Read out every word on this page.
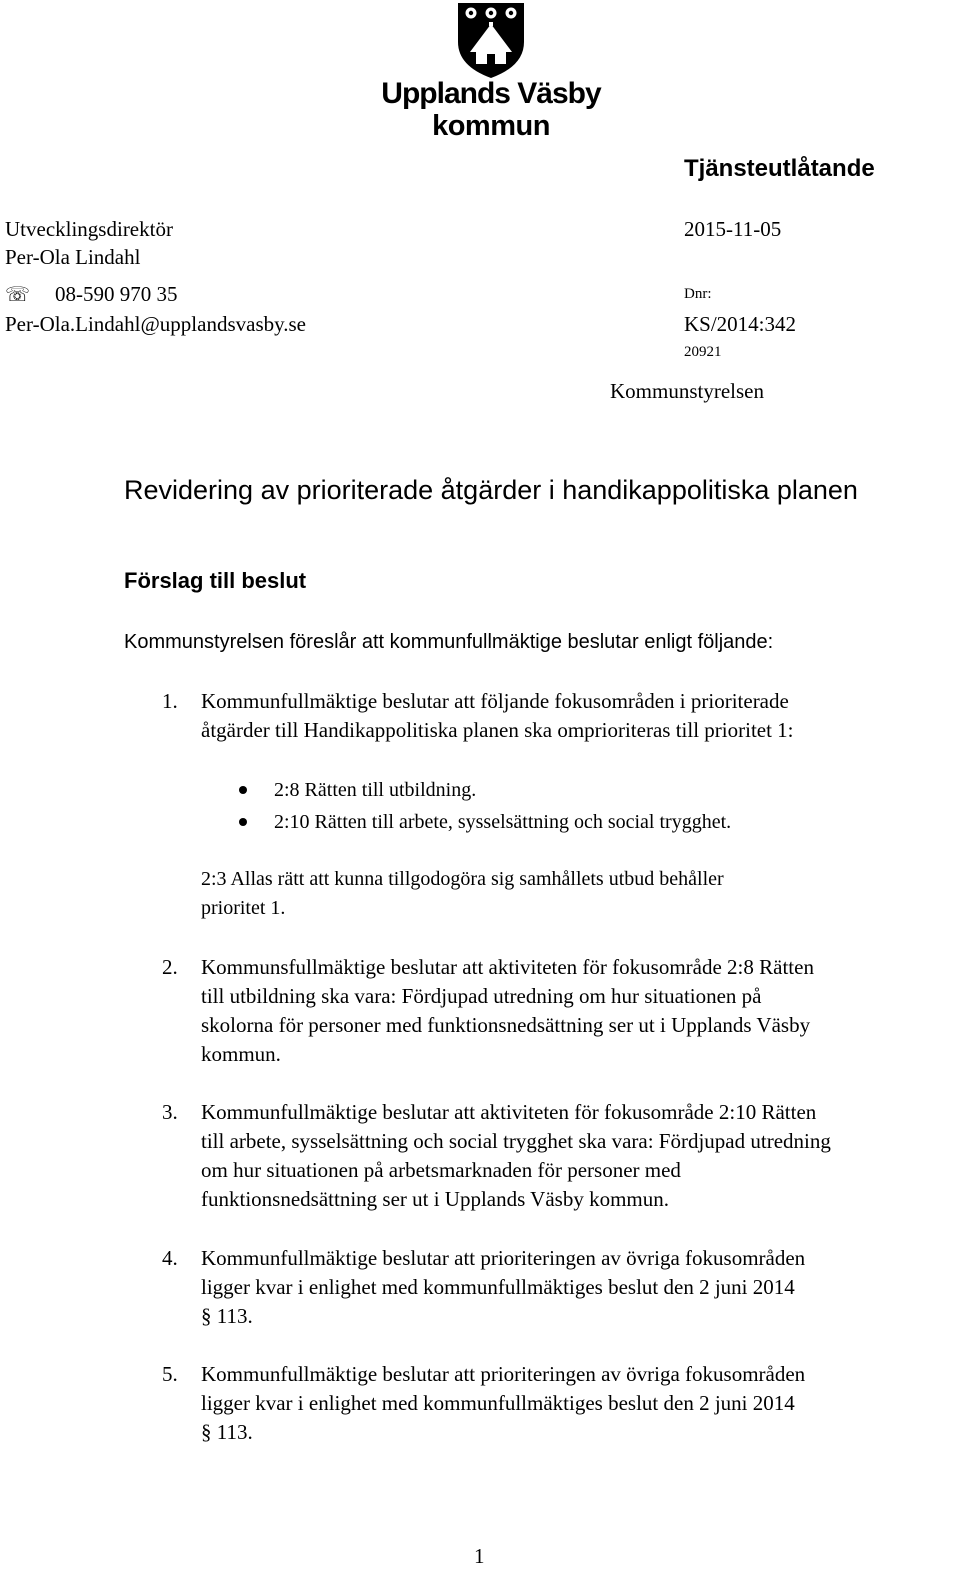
Upplands Väsby
kommun
Tjänsteutlåtande
Utvecklingsdirektör
Per-Ola Lindahl
☏ 08-590 970 35
Per-Ola.Lindahl@upplandsvasby.se
2015-11-05
Dnr:
KS/2014:342
20921
Kommunstyrelsen
Revidering av prioriterade åtgärder i handikappolitiska planen
Förslag till beslut
Kommunstyrelsen föreslår att kommunfullmäktige beslutar enligt följande:
1. Kommunfullmäktige beslutar att följande fokusområden i prioriterade
åtgärder till Handikappolitiska planen ska omprioriteras till prioritet 1:
2:8 Rätten till utbildning.
2:10 Rätten till arbete, sysselsättning och social trygghet.
2:3 Allas rätt att kunna tillgodogöra sig samhållets utbud behåller
prioritet 1.
2. Kommunsfullmäktige beslutar att aktiviteten för fokusområde 2:8 Rätten
till utbildning ska vara: Fördjupad utredning om hur situationen på
skolorna för personer med funktionsnedsättning ser ut i Upplands Väsby
kommun.
3. Kommunfullmäktige beslutar att aktiviteten för fokusområde 2:10 Rätten
till arbete, sysselsättning och social trygghet ska vara: Fördjupad utredning
om hur situationen på arbetsmarknaden för personer med
funktionsnedsättning ser ut i Upplands Väsby kommun.
4. Kommunfullmäktige beslutar att prioriteringen av övriga fokusområden
ligger kvar i enlighet med kommunfullmäktiges beslut den 2 juni 2014
§ 113.
5. Kommunfullmäktige beslutar att prioriteringen av övriga fokusområden
ligger kvar i enlighet med kommunfullmäktiges beslut den 2 juni 2014
§ 113.
1
